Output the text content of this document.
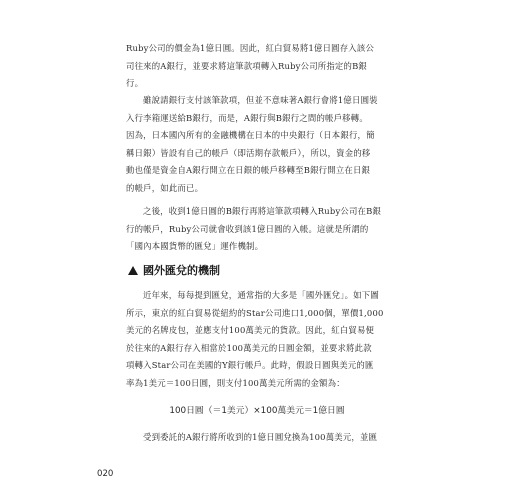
Ruby公司的價金為1億日圓。因此，紅白貿易將1億日圓存入該公
司往來的A銀行，並要求將這筆款項轉入Ruby公司所指定的B銀
行。
雖說請銀行支付該筆款項，但並不意味著A銀行會將1億日圓裝
入行李箱運送給B銀行，而是，A銀行與B銀行之間的帳戶移轉。
因為，日本國內所有的金融機構在日本的中央銀行（日本銀行，簡
稱日銀）皆設有自己的帳戶（即活期存款帳戶），所以，資金的移
動也僅是資金自A銀行開立在日銀的帳戶移轉至B銀行開立在日銀
的帳戶，如此而已。
之後，收到1億日圓的B銀行再將這筆款項轉入Ruby公司在B銀
行的帳戶，Ruby公司就會收到該1億日圓的入帳。這就是所謂的
「國內本國貨幣的匯兌」運作機制。
國外匯兌的機制
近年來，每每提到匯兌，通常指的大多是「國外匯兌」。如下圖
所示，東京的紅白貿易從紐約的Star公司進口1,000個，單價1,000
美元的名牌皮包，並應支付100萬美元的貨款。因此，紅白貿易便
於往來的A銀行存入相當於100萬美元的日圓金額，並要求將此款
項轉入Star公司在美國的Y銀行帳戶。此時，假設日圓與美元的匯
率為1美元＝100日圓，則支付100萬美元所需的金額為：
100日圓（＝1美元）×100萬美元＝1億日圓
受到委託的A銀行將所收到的1億日圓兌換為100萬美元，並匯
020
